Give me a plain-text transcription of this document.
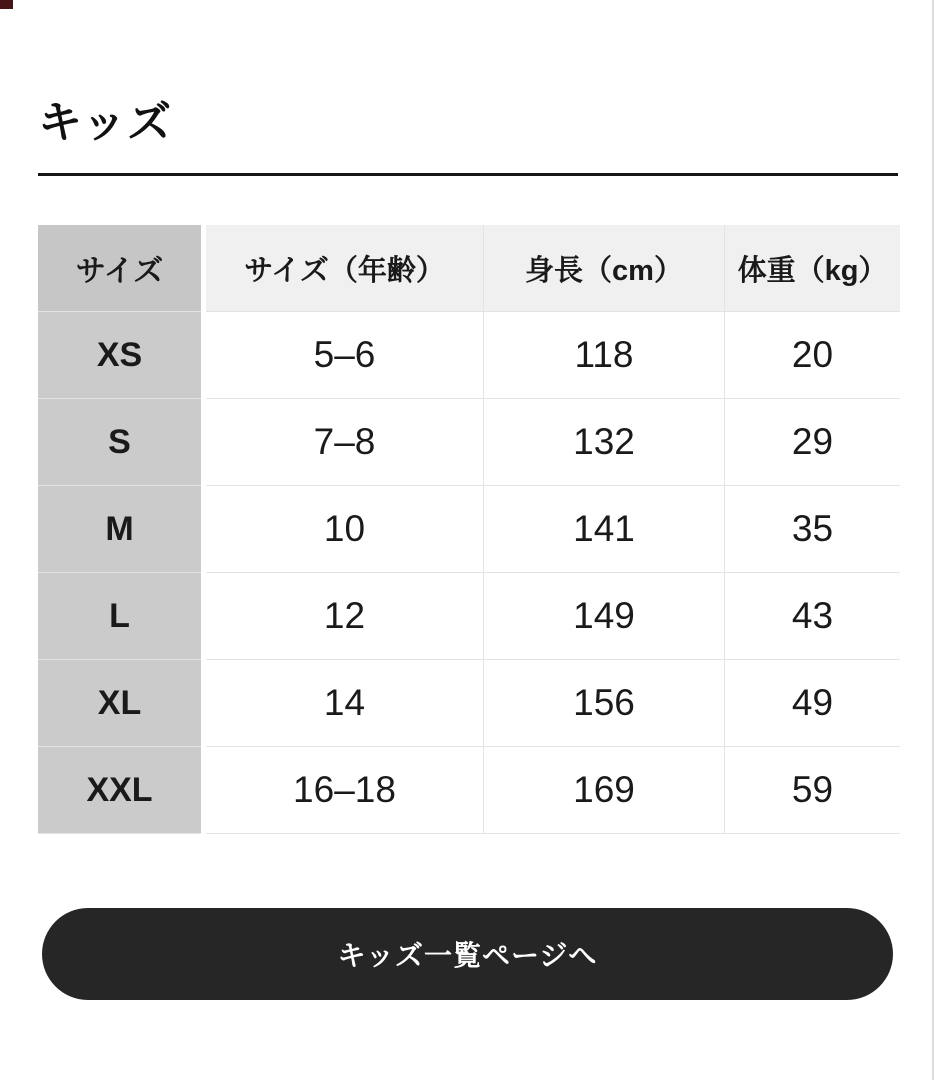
キッズ
サイズ	サイズ（年齢）	身長（cm）	体重（kg）
XS	5–6	118	20
S	7–8	132	29
M	10	141	35
L	12	149	43
XL	14	156	49
XXL	16–18	169	59
キッズ一覧ページへ
